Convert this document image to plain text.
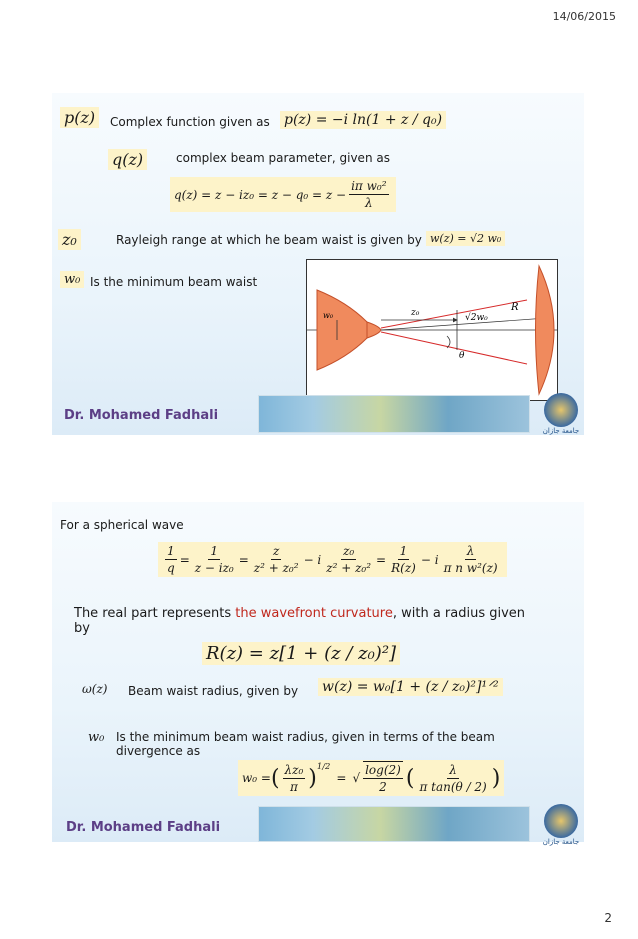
14/06/2015
p(z)	Complex function given as p(z) = −i ln(1 + z / q₀)
q(z)	complex beam parameter, given as
$q(z) = z - iz_0 = z - q_0 = z - \frac{\text{iπ w₀²}}{\lambda}$
z₀	Rayleigh range at which he beam waist is given by w(z) = √2 w₀
w₀ Is the minimum beam waist
w₀	z₀	√2w₀
R
θ
Dr. Mohamed Fadhali
جامعة جازان
For a spherical wave
$\frac{1}{q} = \frac{1}{\text{z − iz₀}} = \frac{z}{\text{z² + z₀²}} - i \frac{\text{z₀}}{\text{z² + z₀²}} = \frac{1}{R(z)} - i \frac{\lambda}{\text{π n w²(z)}}$
The real part represents the wavefront curvature, with a radius given by
R(z) = z[1 + (z / z₀)²]
ω(z) Beam waist radius, given by w(z) = w₀[1 + (z / z₀)²]¹ᐟ²
w₀ Is the minimum beam waist radius, given in terms of the beam divergence as
w₀ = ( $\frac{\text{λz₀}}{\pi} )^{1/2}$
= √ $\frac{\log(2)}{2}$ ( $\frac{\lambda}{\text{π tan(θ / 2)}}$ )
Dr. Mohamed Fadhali
جامعة جازان
2
